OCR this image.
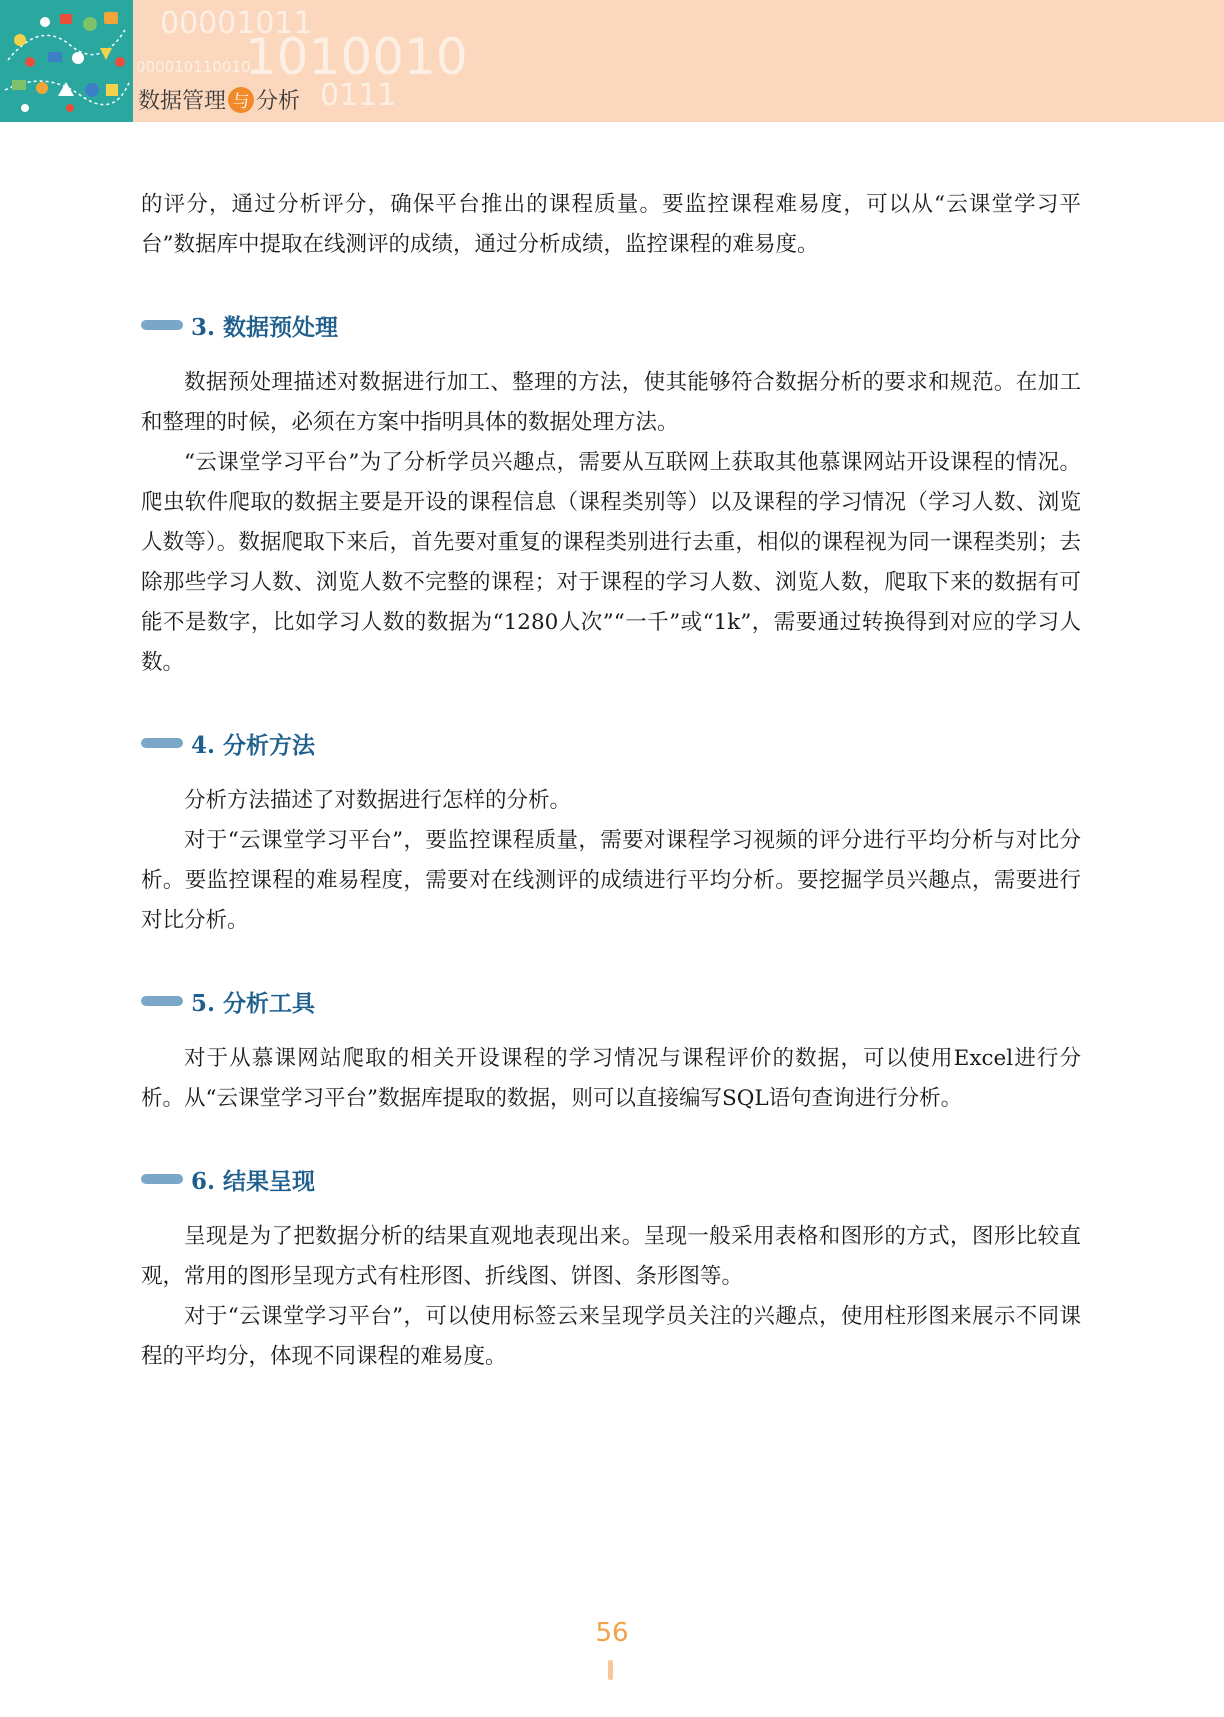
00001011
1010010
000010110010
0111
数据管理 与 分析

的评分，通过分析评分，确保平台推出的课程质量。要监控课程难易度，可以从“云课堂学习平台”数据库中提取在线测评的成绩，通过分析成绩，监控课程的难易度。

3. 数据预处理

数据预处理描述对数据进行加工、整理的方法，使其能够符合数据分析的要求和规范。在加工和整理的时候，必须在方案中指明具体的数据处理方法。

“云课堂学习平台”为了分析学员兴趣点，需要从互联网上获取其他慕课网站开设课程的情况。爬虫软件爬取的数据主要是开设的课程信息（课程类别等）以及课程的学习情况（学习人数、浏览人数等）。数据爬取下来后，首先要对重复的课程类别进行去重，相似的课程视为同一课程类别；去除那些学习人数、浏览人数不完整的课程；对于课程的学习人数、浏览人数，爬取下来的数据有可能不是数字，比如学习人数的数据为“1280人次”“一千”或“1k”，需要通过转换得到对应的学习人数。

4. 分析方法

分析方法描述了对数据进行怎样的分析。

对于“云课堂学习平台”，要监控课程质量，需要对课程学习视频的评分进行平均分析与对比分析。要监控课程的难易程度，需要对在线测评的成绩进行平均分析。要挖掘学员兴趣点，需要进行对比分析。

5. 分析工具

对于从慕课网站爬取的相关开设课程的学习情况与课程评价的数据，可以使用Excel进行分析。从“云课堂学习平台”数据库提取的数据，则可以直接编写SQL语句查询进行分析。

6. 结果呈现

呈现是为了把数据分析的结果直观地表现出来。呈现一般采用表格和图形的方式，图形比较直观，常用的图形呈现方式有柱形图、折线图、饼图、条形图等。

对于“云课堂学习平台”，可以使用标签云来呈现学员关注的兴趣点，使用柱形图来展示不同课程的平均分，体现不同课程的难易度。

56
